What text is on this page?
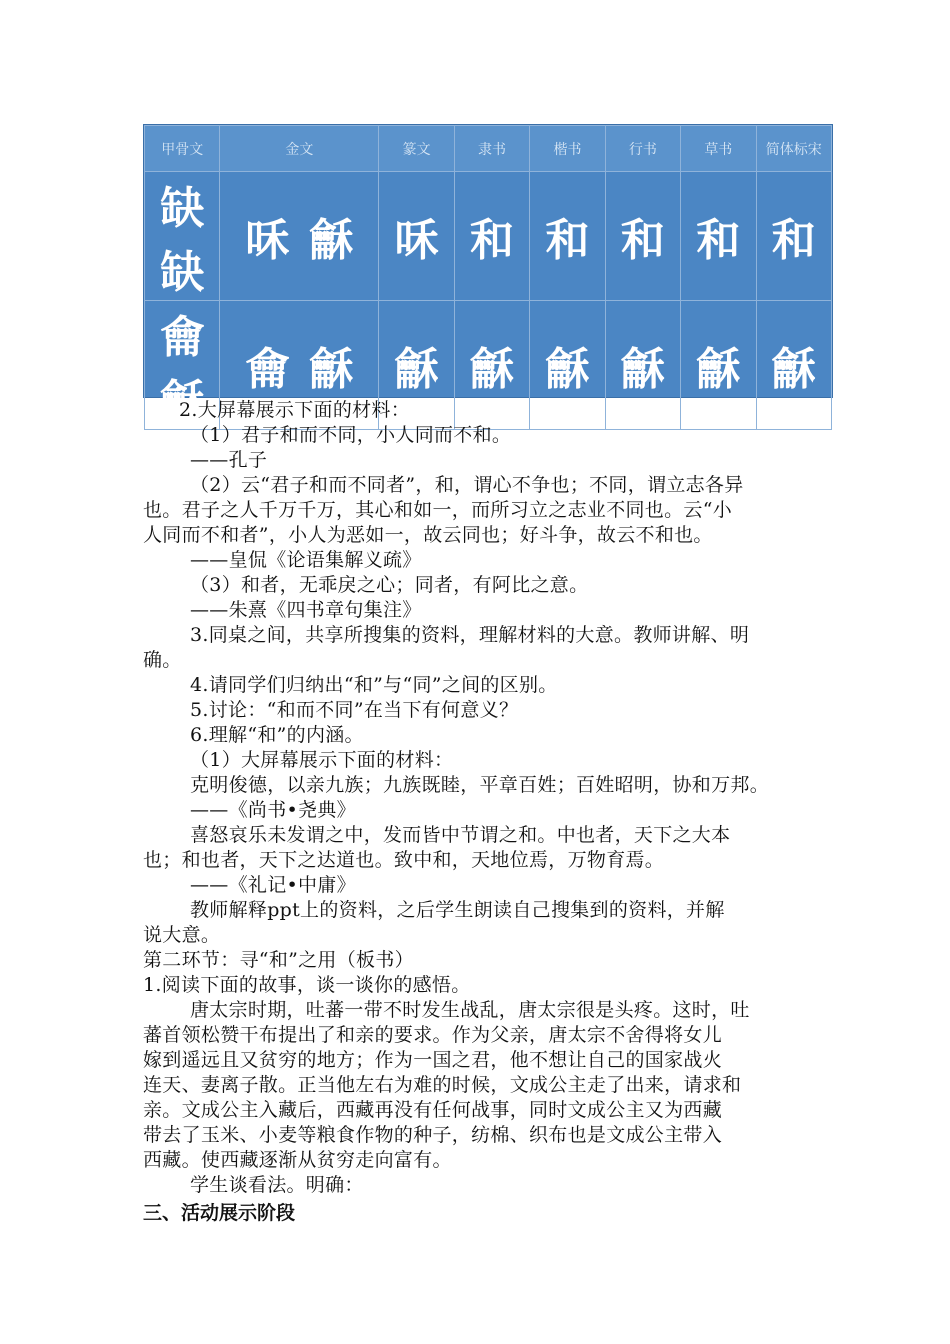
甲骨文	金文	篆文	隶书	楷书	行书	草书	简体标宋
缺缺	咊 龢	咊	和	和	和	和	和
龠龢	龠 龢	龢	龢	龢	龢	龢	龢
2.大屏幕展示下面的材料：
（1）君子和而不同，小人同而不和。
——孔子
（2）云“君子和而不同者”，和，谓心不争也；不同，谓立志各异
也。君子之人千万千万，其心和如一，而所习立之志业不同也。云“小
人同而不和者”，小人为恶如一，故云同也；好斗争，故云不和也。
——皇侃《论语集解义疏》
（3）和者，无乖戾之心；同者，有阿比之意。
——朱熹《四书章句集注》
3.同桌之间，共享所搜集的资料，理解材料的大意。教师讲解、明
确。
4.请同学们归纳出“和”与“同”之间的区别。
5.讨论：“和而不同”在当下有何意义？
6.理解“和”的内涵。
（1）大屏幕展示下面的材料：
克明俊德，以亲九族；九族既睦，平章百姓；百姓昭明，协和万邦。
——《尚书•尧典》
喜怒哀乐未发谓之中，发而皆中节谓之和。中也者，天下之大本
也；和也者，天下之达道也。致中和，天地位焉，万物育焉。
——《礼记•中庸》
教师解释ppt上的资料，之后学生朗读自己搜集到的资料，并解
说大意。
第二环节：寻“和”之用（板书）
1.阅读下面的故事，谈一谈你的感悟。
唐太宗时期，吐蕃一带不时发生战乱，唐太宗很是头疼。这时，吐
蕃首领松赞干布提出了和亲的要求。作为父亲，唐太宗不舍得将女儿
嫁到遥远且又贫穷的地方；作为一国之君，他不想让自己的国家战火
连天、妻离子散。正当他左右为难的时候，文成公主走了出来，请求和
亲。文成公主入藏后，西藏再没有任何战事，同时文成公主又为西藏
带去了玉米、小麦等粮食作物的种子，纺棉、织布也是文成公主带入
西藏。使西藏逐渐从贫穷走向富有。
学生谈看法。明确：
三、活动展示阶段
